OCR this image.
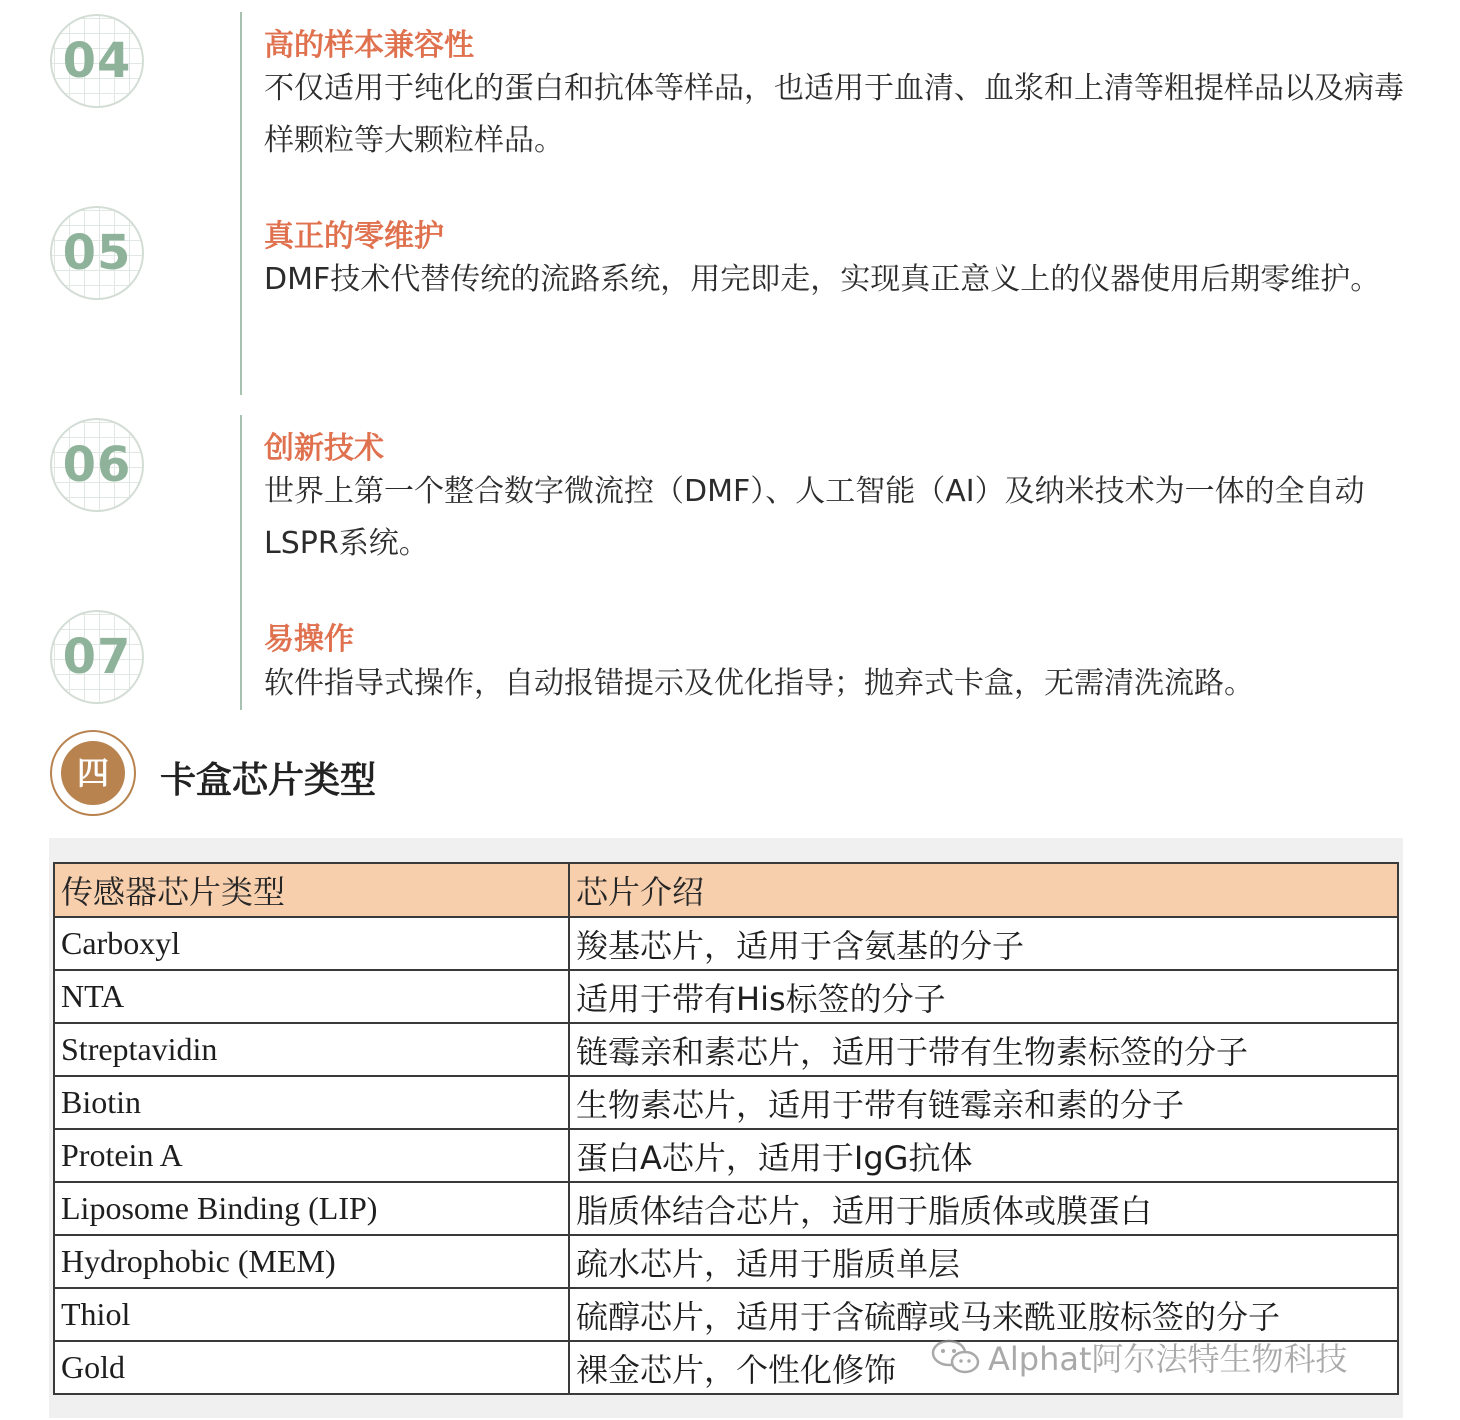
04	高的样本兼容性
不仅适用于纯化的蛋白和抗体等样品，也适用于血清、血浆和上清等粗提样品以及病毒样颗粒等大颗粒样品。
05	真正的零维护
DMF技术代替传统的流路系统，用完即走，实现真正意义上的仪器使用后期零维护。
06	创新技术
世界上第一个整合数字微流控（DMF）、人工智能（AI）及纳米技术为一体的全自动LSPR系统。
07	易操作
软件指导式操作，自动报错提示及优化指导；抛弃式卡盒，无需清洗流路。
四	卡盒芯片类型
传感器芯片类型	芯片介绍
Carboxyl	羧基芯片，适用于含氨基的分子
NTA	适用于带有His标签的分子
Streptavidin	链霉亲和素芯片，适用于带有生物素标签的分子
Biotin	生物素芯片，适用于带有链霉亲和素的分子
Protein A	蛋白A芯片，适用于IgG抗体
Liposome Binding (LIP)	脂质体结合芯片，适用于脂质体或膜蛋白
Hydrophobic (MEM)	疏水芯片，适用于脂质单层
Thiol	硫醇芯片，适用于含硫醇或马来酰亚胺标签的分子
Gold	裸金芯片，个性化修饰	Alphat阿尔法特生物科技
